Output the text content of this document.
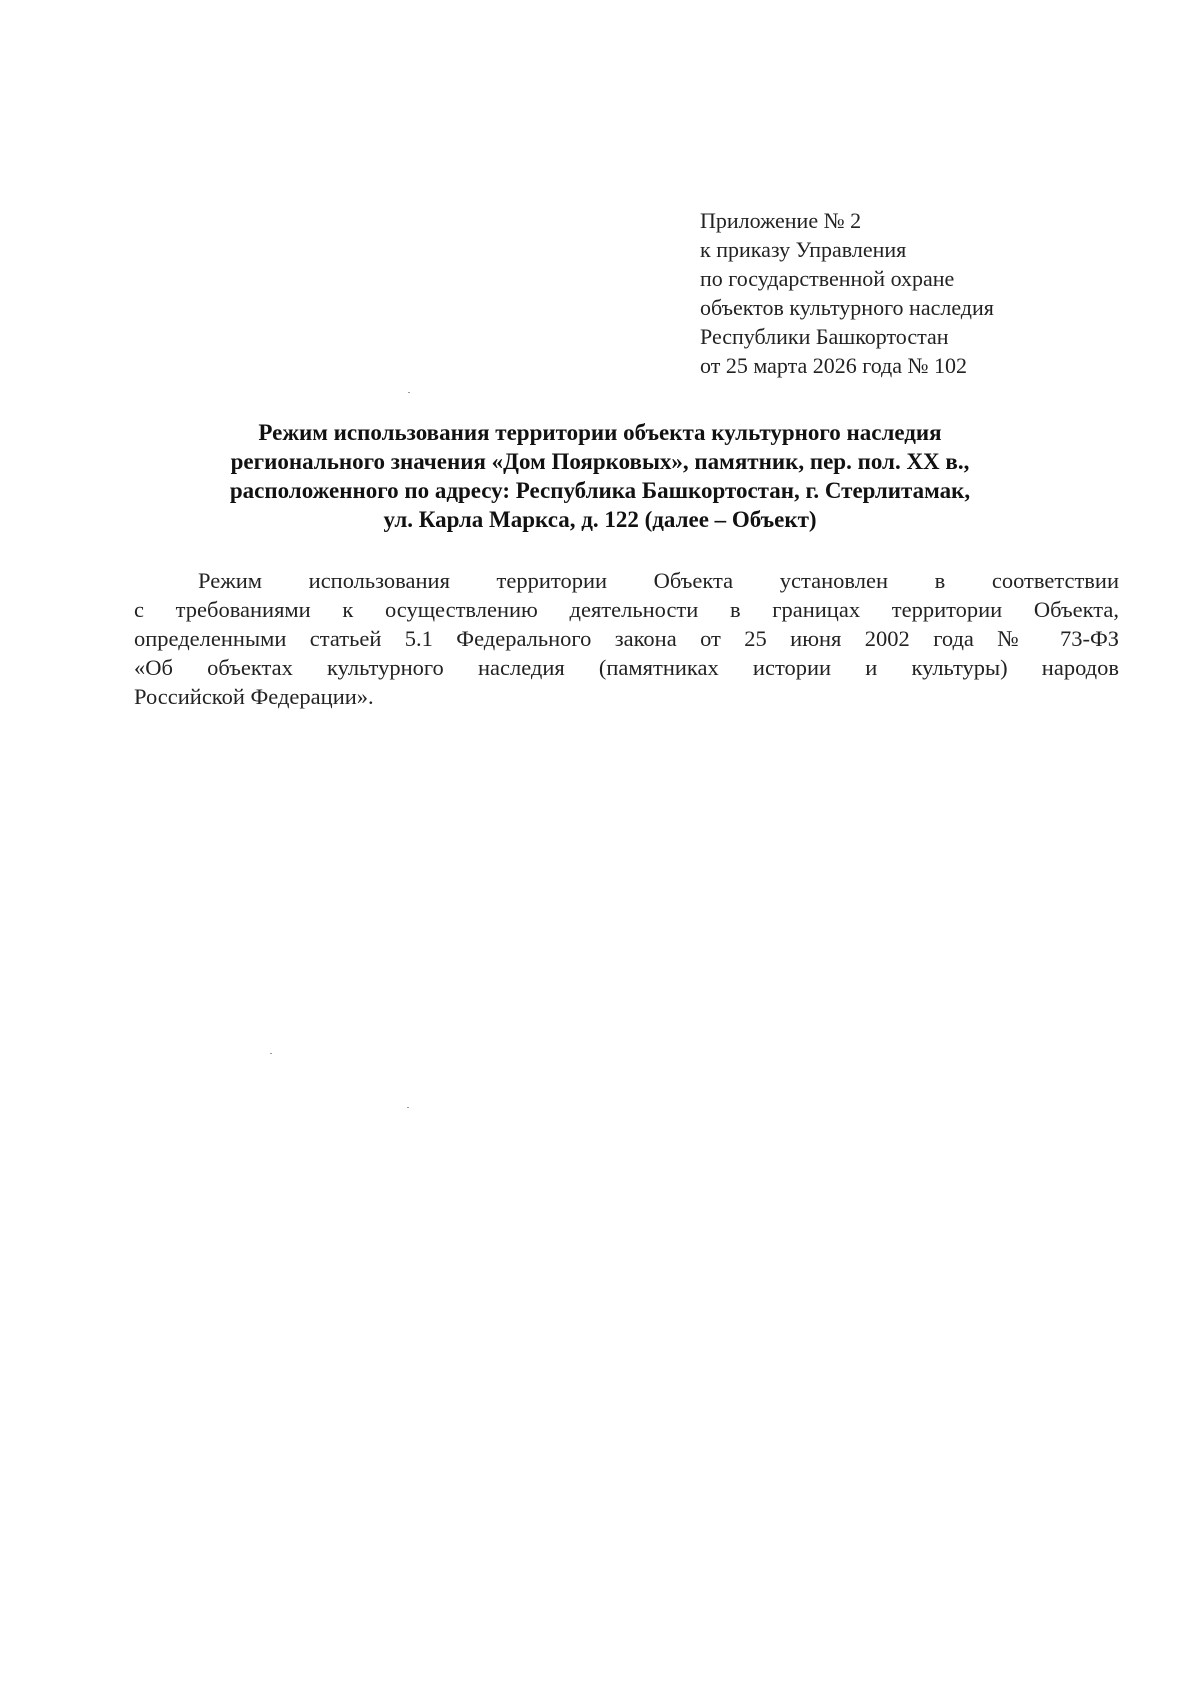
Приложение № 2
к приказу Управления
по государственной охране
объектов культурного наследия
Республики Башкортостан
от 25 марта 2026 года № 102
Режим использования территории объекта культурного наследия
регионального значения «Дом Поярковых», памятник, пер. пол. XX в.,
расположенного по адресу: Республика Башкортостан, г. Стерлитамак,
ул. Карла Маркса, д. 122 (далее – Объект)
Режим использования территории Объекта установлен в соответствии
с требованиями к осуществлению деятельности в границах территории Объекта,
определенными статьей 5.1 Федерального закона от 25 июня 2002 года № 73-ФЗ
«Об объектах культурного наследия (памятниках истории и культуры) народов
Российской Федерации».
